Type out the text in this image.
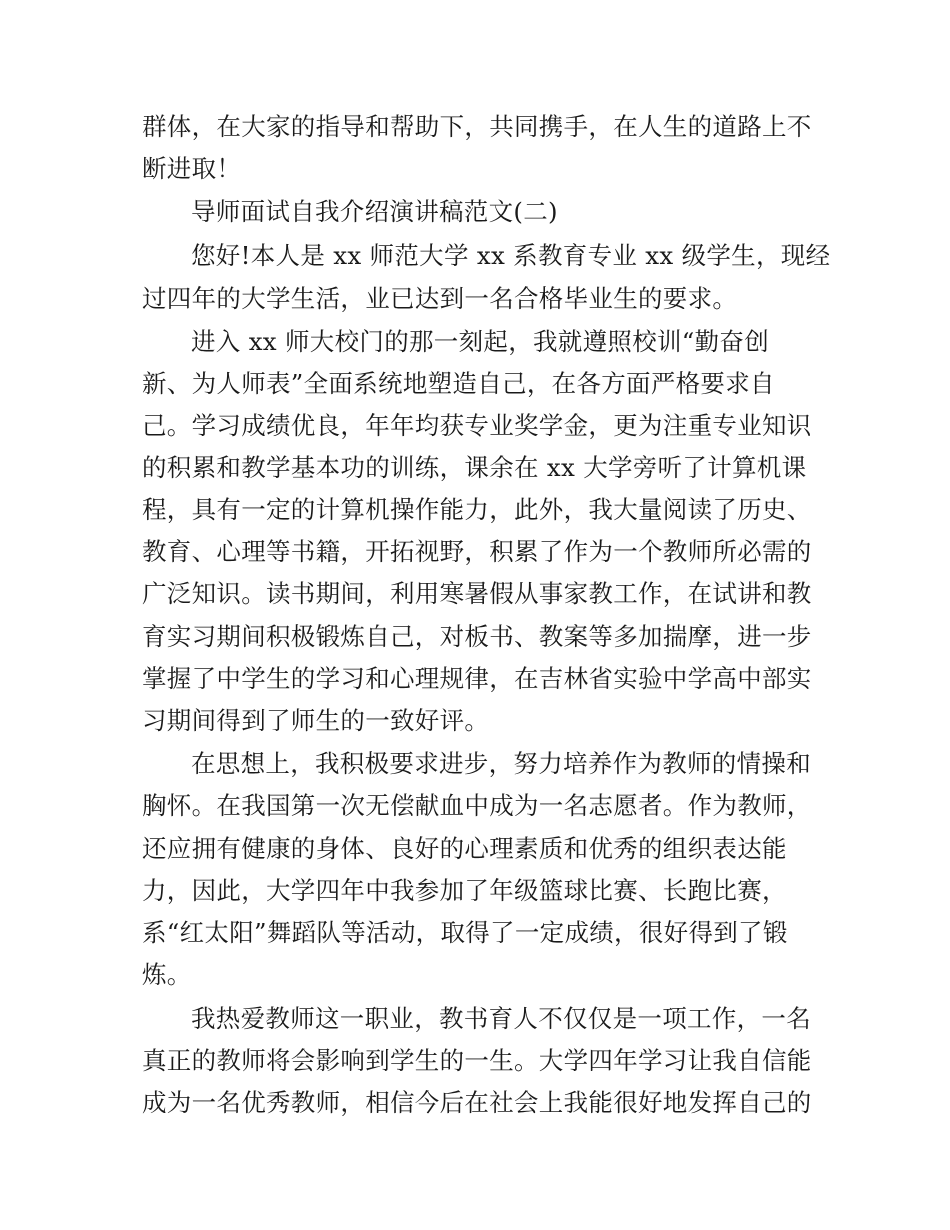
群体，在大家的指导和帮助下，共同携手，在人生的道路上不
断进取！
导师面试自我介绍演讲稿范文(二)
您好!本人是 xx 师范大学 xx 系教育专业 xx 级学生，现经
过四年的大学生活，业已达到一名合格毕业生的要求。
进入 xx 师大校门的那一刻起，我就遵照校训“勤奋创
新、为人师表”全面系统地塑造自己，在各方面严格要求自
己。学习成绩优良，年年均获专业奖学金，更为注重专业知识
的积累和教学基本功的训练，课余在 xx 大学旁听了计算机课
程，具有一定的计算机操作能力，此外，我大量阅读了历史、
教育、心理等书籍，开拓视野，积累了作为一个教师所必需的
广泛知识。读书期间，利用寒暑假从事家教工作，在试讲和教
育实习期间积极锻炼自己，对板书、教案等多加揣摩，进一步
掌握了中学生的学习和心理规律，在吉林省实验中学高中部实
习期间得到了师生的一致好评。
在思想上，我积极要求进步，努力培养作为教师的情操和
胸怀。在我国第一次无偿献血中成为一名志愿者。作为教师，
还应拥有健康的身体、良好的心理素质和优秀的组织表达能
力，因此，大学四年中我参加了年级篮球比赛、长跑比赛，
系“红太阳”舞蹈队等活动，取得了一定成绩，很好得到了锻
炼。
我热爱教师这一职业，教书育人不仅仅是一项工作，一名
真正的教师将会影响到学生的一生。大学四年学习让我自信能
成为一名优秀教师，相信今后在社会上我能很好地发挥自己的
